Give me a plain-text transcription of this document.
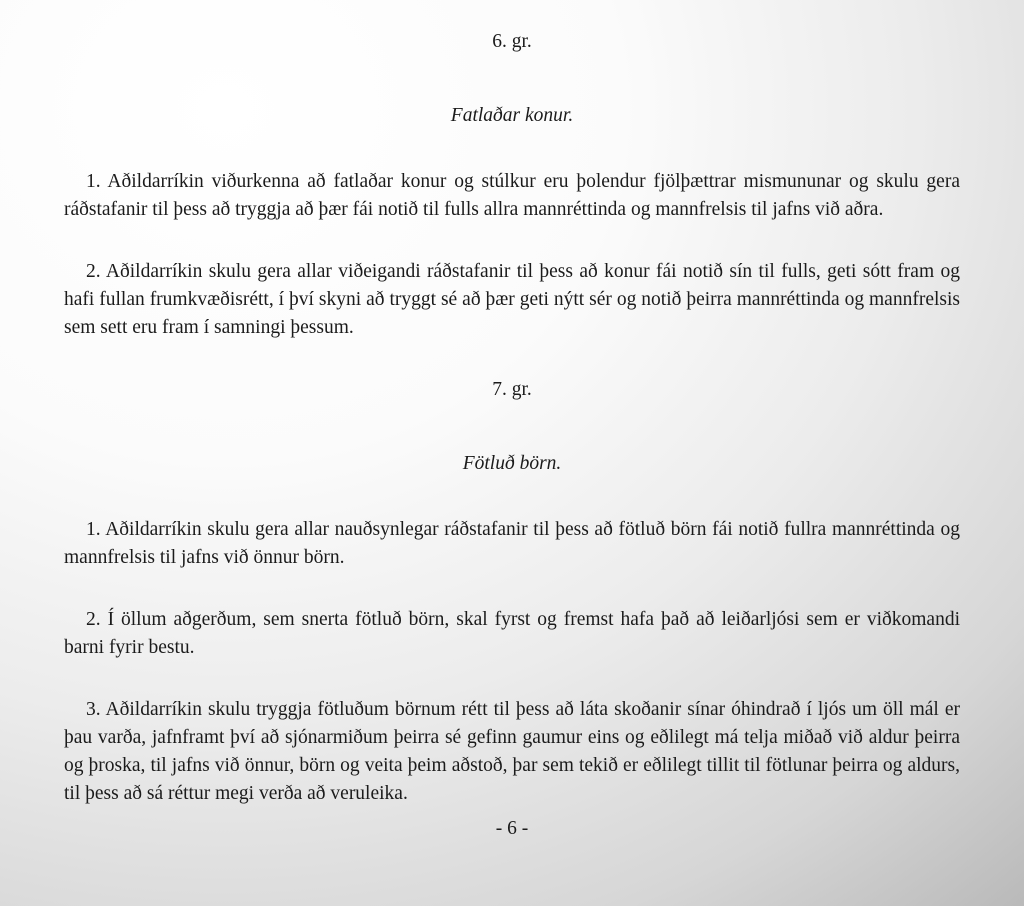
6. gr.
Fatlaðar konur.

1. Aðildarríkin viðurkenna að fatlaðar konur og stúlkur eru þolendur fjölþættrar mismununar og skulu gera ráðstafanir til þess að tryggja að þær fái notið til fulls allra mannréttinda og mannfrelsis til jafns við aðra.

2. Aðildarríkin skulu gera allar viðeigandi ráðstafanir til þess að konur fái notið sín til fulls, geti sótt fram og hafi fullan frumkvæðisrétt, í því skyni að tryggt sé að þær geti nýtt sér og notið þeirra mannréttinda og mannfrelsis sem sett eru fram í samningi þessum.

7. gr.
Fötluð börn.

1. Aðildarríkin skulu gera allar nauðsynlegar ráðstafanir til þess að fötluð börn fái notið fullra mannréttinda og mannfrelsis til jafns við önnur börn.

2. Í öllum aðgerðum, sem snerta fötluð börn, skal fyrst og fremst hafa það að leiðarljósi sem er viðkomandi barni fyrir bestu.

3. Aðildarríkin skulu tryggja fötluðum börnum rétt til þess að láta skoðanir sínar óhindrað í ljós um öll mál er þau varða, jafnframt því að sjónarmiðum þeirra sé gefinn gaumur eins og eðlilegt má telja miðað við aldur þeirra og þroska, til jafns við önnur, börn og veita þeim aðstoð, þar sem tekið er eðlilegt tillit til fötlunar þeirra og aldurs, til þess að sá réttur megi verða að veruleika.

- 6 -
